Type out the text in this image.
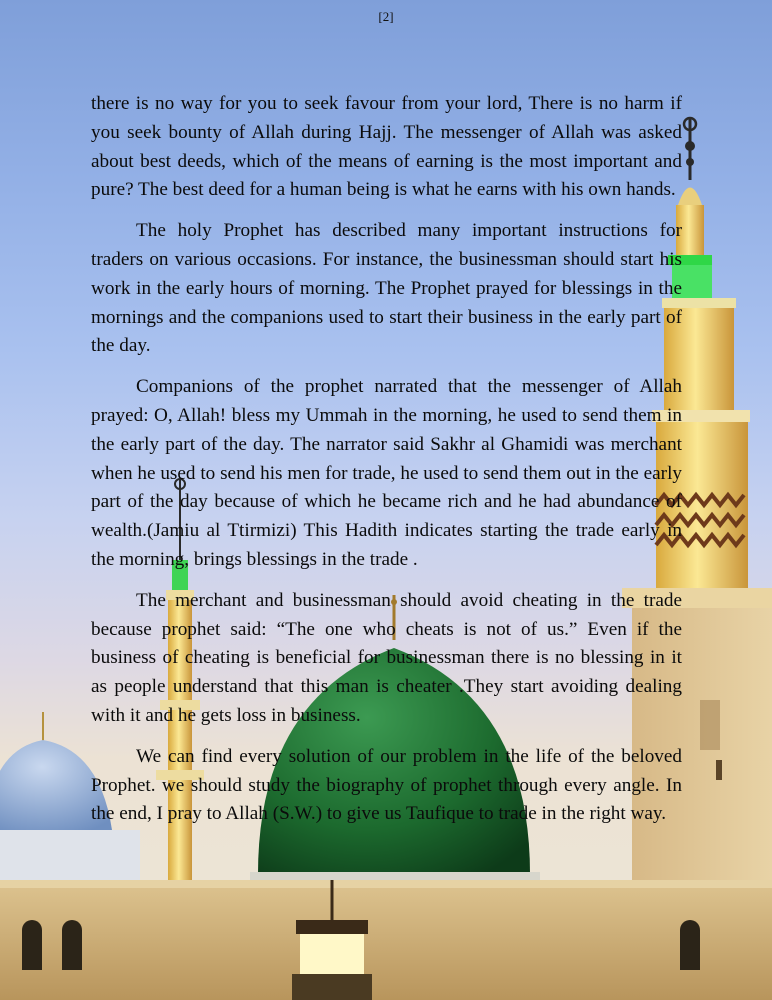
[2]

there is no way for you to seek favour from your lord, There is no harm if you seek bounty of Allah during Hajj. The messenger of Allah was asked about best deeds, which of the means of earning is the most important and pure? The best deed for a human being is what he earns with his own hands.

The holy Prophet has described many important instructions for traders on various occasions. For instance, the businessman should start his work in the early hours of morning. The Prophet prayed for blessings in the mornings and the companions used to start their business in the early part of the day.

Companions of the prophet narrated that the messenger of Allah prayed: O, Allah! bless my Ummah in the morning, he used to send them in the early part of the day. The narrator said Sakhr al Ghamidi was merchant when he used to send his men for trade, he used to send them out in the early part of the day because of which he became rich and he had abundance of wealth.(Jamiu al Ttirmizi) This Hadith indicates starting the trade early in the morning, brings blessings in the trade .

The merchant and businessman should avoid cheating in the trade because prophet said: “The one who cheats is not of us.” Even if the business of cheating is beneficial for businessman there is no blessing in it as people understand that this man is cheater .They start avoiding dealing with it and he gets loss in business.

We can find every solution of our problem in the life of the beloved Prophet. we should study the biography of prophet through every angle. In the end, I pray to Allah (S.W.) to give us Taufique to trade in the right way.
